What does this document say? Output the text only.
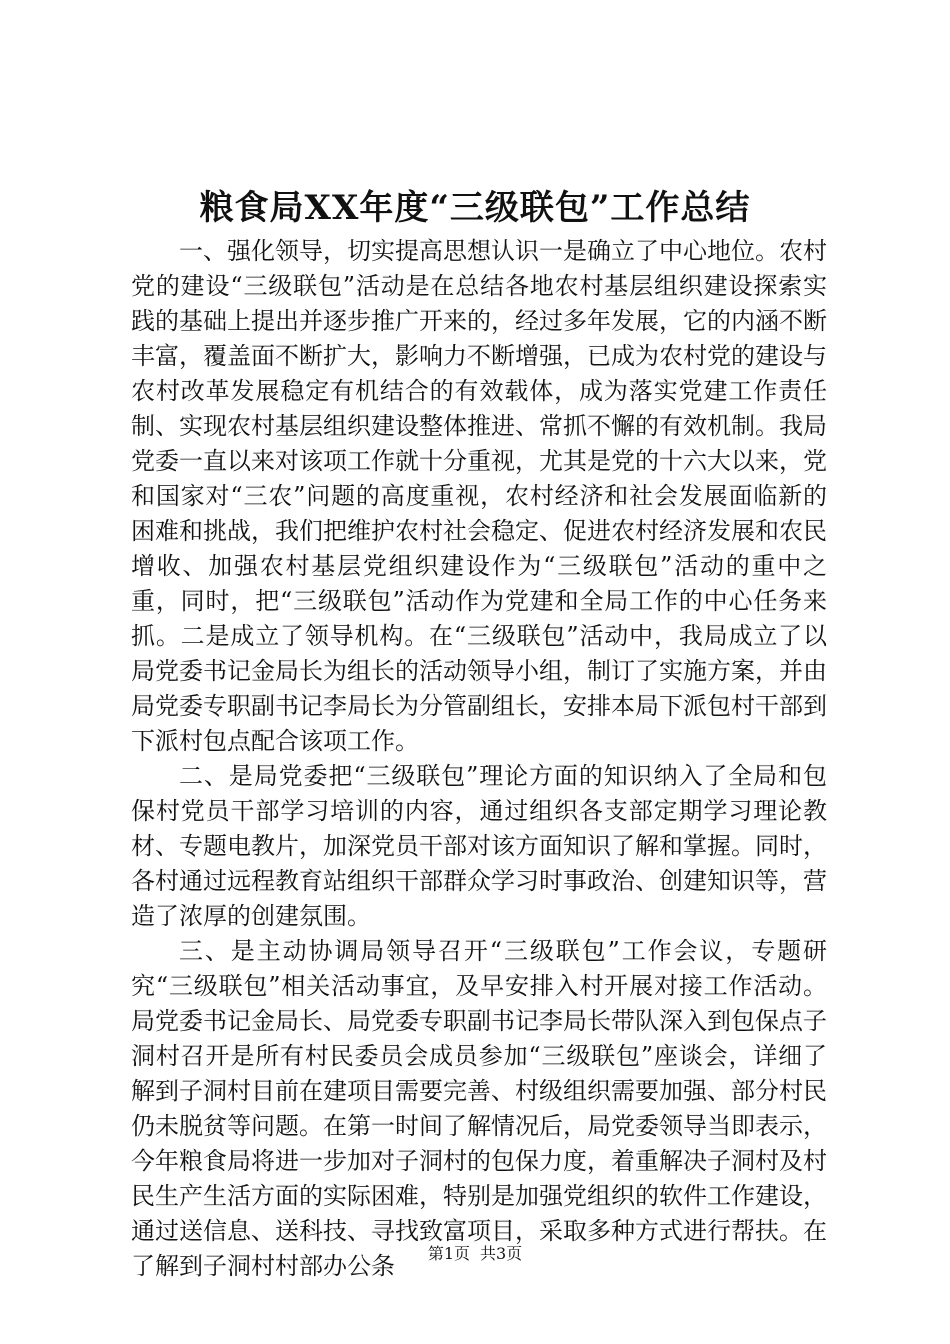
粮食局XX年度“三级联包”工作总结

一、强化领导，切实提高思想认识一是确立了中心地位。农村党的建设“三级联包”活动是在总结各地农村基层组织建设探索实践的基础上提出并逐步推广开来的，经过多年发展，它的内涵不断丰富，覆盖面不断扩大，影响力不断增强，已成为农村党的建设与农村改革发展稳定有机结合的有效载体，成为落实党建工作责任制、实现农村基层组织建设整体推进、常抓不懈的有效机制。我局党委一直以来对该项工作就十分重视，尤其是党的十六大以来，党和国家对“三农”问题的高度重视，农村经济和社会发展面临新的困难和挑战，我们把维护农村社会稳定、促进农村经济发展和农民增收、加强农村基层党组织建设作为“三级联包”活动的重中之重，同时，把“三级联包”活动作为党建和全局工作的中心任务来抓。二是成立了领导机构。在“三级联包”活动中，我局成立了以局党委书记金局长为组长的活动领导小组，制订了实施方案，并由局党委专职副书记李局长为分管副组长，安排本局下派包村干部到下派村包点配合该项工作。

二、是局党委把“三级联包”理论方面的知识纳入了全局和包保村党员干部学习培训的内容，通过组织各支部定期学习理论教材、专题电教片，加深党员干部对该方面知识了解和掌握。同时，各村通过远程教育站组织干部群众学习时事政治、创建知识等，营造了浓厚的创建氛围。

三、是主动协调局领导召开“三级联包”工作会议，专题研究“三级联包”相关活动事宜，及早安排入村开展对接工作活动。局党委书记金局长、局党委专职副书记李局长带队深入到包保点子洞村召开是所有村民委员会成员参加“三级联包”座谈会，详细了解到子洞村目前在建项目需要完善、村级组织需要加强、部分村民仍未脱贫等问题。在第一时间了解情况后，局党委领导当即表示，今年粮食局将进一步加对子洞村的包保力度，着重解决子洞村及村民生产生活方面的实际困难，特别是加强党组织的软件工作建设，通过送信息、送科技、寻找致富项目，采取多种方式进行帮扶。在了解到子洞村村部办公条	第1页 共3页
